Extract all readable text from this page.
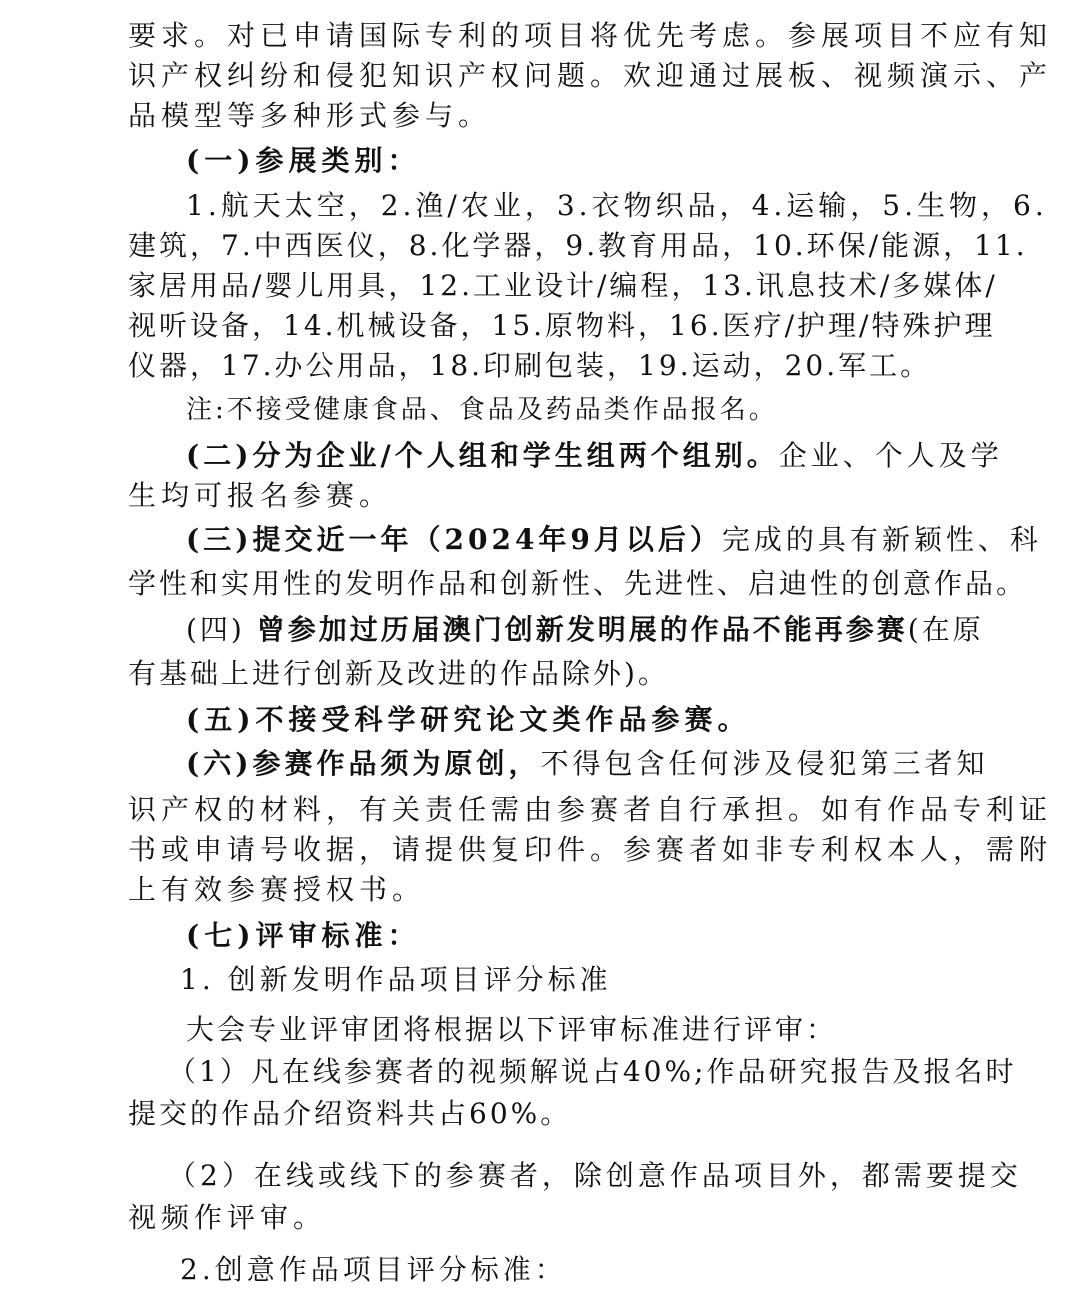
要求。对已申请国际专利的项目将优先考虑。参展项目不应有知
识产权纠纷和侵犯知识产权问题。欢迎通过展板、视频演示、产
品模型等多种形式参与。
(一)参展类别：
1.航天太空，2.渔/农业，3.衣物织品，4.运输，5.生物，6.
建筑，7.中西医仪，8.化学器，9.教育用品，10.环保/能源，11.
家居用品/婴儿用具，12.工业设计/编程，13.讯息技术/多媒体/
视听设备，14.机械设备，15.原物料，16.医疗/护理/特殊护理
仪器，17.办公用品，18.印刷包装，19.运动，20.军工。
注:不接受健康食品、食品及药品类作品报名。
(二)分为企业/个人组和学生组两个组别。企业、个人及学
生均可报名参赛。
(三)提交近一年（2024年9月以后）完成的具有新颖性、科
学性和实用性的发明作品和创新性、先进性、启迪性的创意作品。
(四) 曾参加过历届澳门创新发明展的作品不能再参赛(在原
有基础上进行创新及改进的作品除外)。
(五)不接受科学研究论文类作品参赛。
(六)参赛作品须为原创，不得包含任何涉及侵犯第三者知
识产权的材料，有关责任需由参赛者自行承担。如有作品专利证
书或申请号收据，请提供复印件。参赛者如非专利权本人，需附
上有效参赛授权书。
(七)评审标准：
1. 创新发明作品项目评分标准
大会专业评审团将根据以下评审标准进行评审：
（1）凡在线参赛者的视频解说占40%;作品研究报告及报名时
提交的作品介绍资料共占60%。
（2）在线或线下的参赛者，除创意作品项目外，都需要提交
视频作评审。
2.创意作品项目评分标准：
